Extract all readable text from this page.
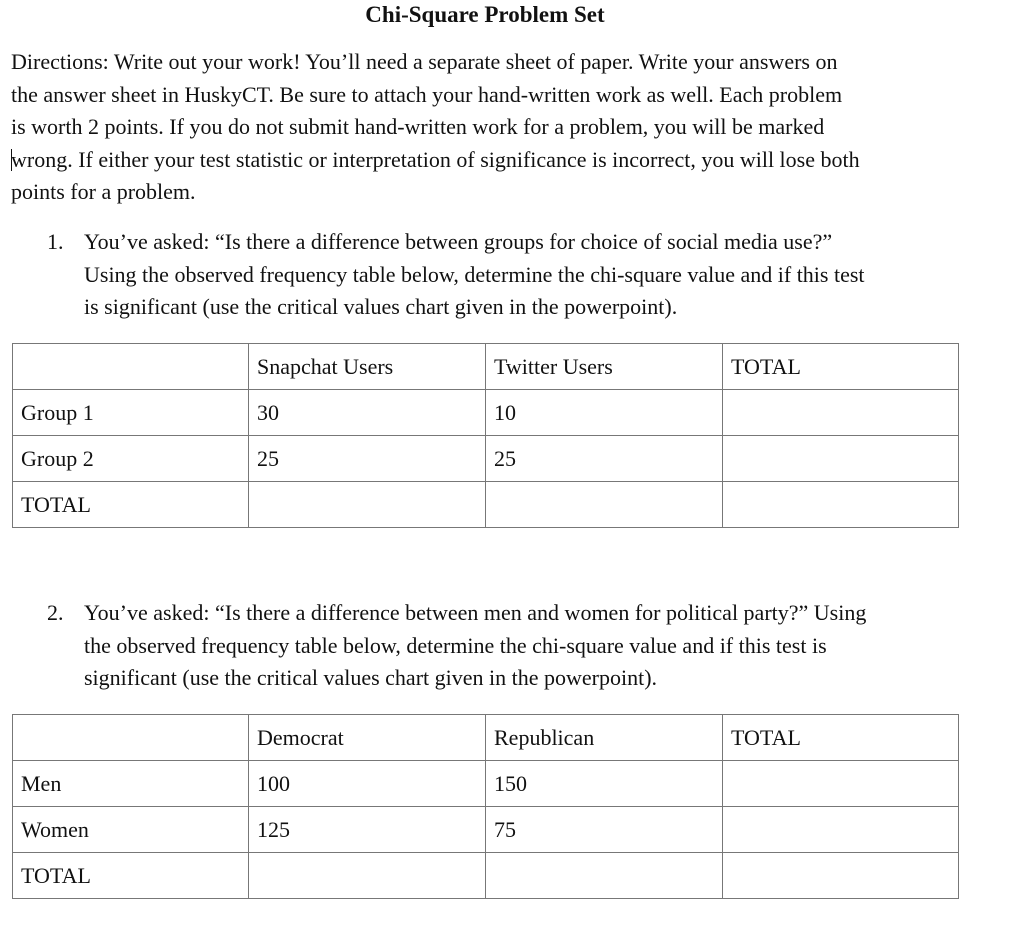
Chi-Square Problem Set
Directions: Write out your work! You’ll need a separate sheet of paper. Write your answers on
the answer sheet in HuskyCT. Be sure to attach your hand-written work as well. Each problem
is worth 2 points. If you do not submit hand-written work for a problem, you will be marked
wrong. If either your test statistic or interpretation of significance is incorrect, you will lose both
points for a problem.
1. You’ve asked: “Is there a difference between groups for choice of social media use?”
Using the observed frequency table below, determine the chi-square value and if this test
is significant (use the critical values chart given in the powerpoint).
	Snapchat Users	Twitter Users	TOTAL
Group 1	30	10	
Group 2	25	25	
TOTAL			
2. You’ve asked: “Is there a difference between men and women for political party?” Using
the observed frequency table below, determine the chi-square value and if this test is
significant (use the critical values chart given in the powerpoint).
	Democrat	Republican	TOTAL
Men	100	150	
Women	125	75	
TOTAL			
